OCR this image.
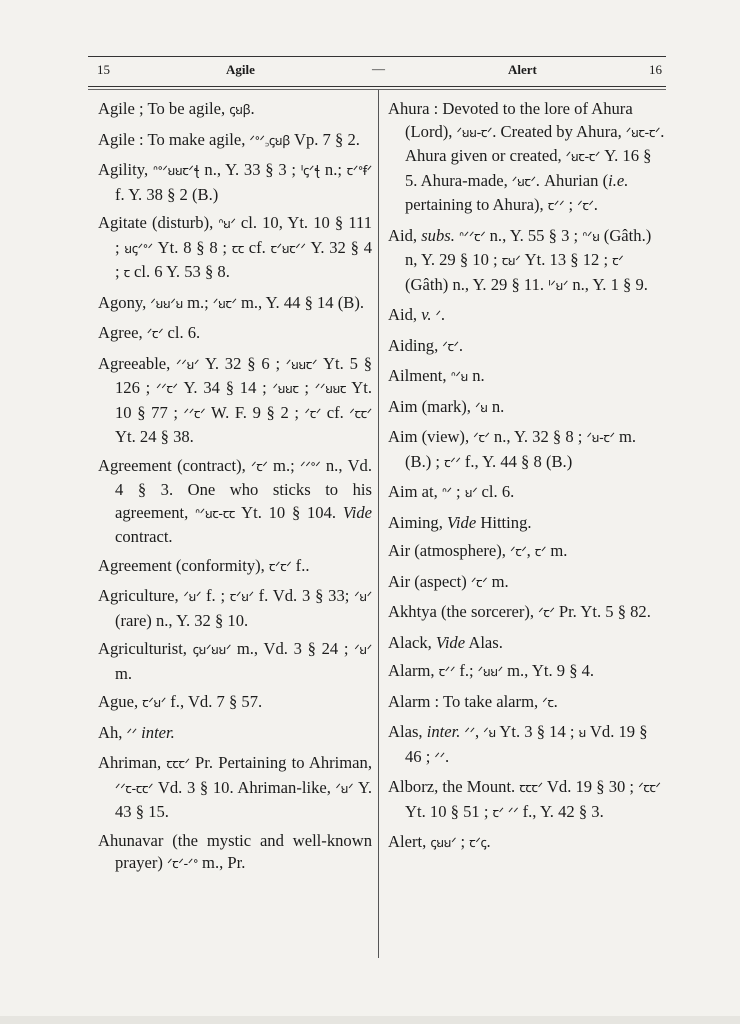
15	Agile	—	Alert	16
Agile ; To be agile, ꞔꞟꞵ.
Agile : To make agile, ᐟᐤᐟ꜆ꞔꞟꞵ Vp. 7 § 2.
Agility, ᐢᐤᐟꞟꞟꞇᐟꞎ n., Y. 33 § 3 ; ᑊꞔᐟꞎ n.; ꞇᐟᐤꞙᐟ f. Y. 38 § 2 (B.)
Agitate (disturb), ᐢꞟᐟ cl. 10, Yt. 10 § 111 ; ꞟꞔᐟᐤᐟ Yt. 8 § 8 ; ꞇꞇ cf. ꞇᐟꞟꞇᐟᐟ Y. 32 § 4 ; ꞇ cl. 6 Y. 53 § 8.
Agony, ᐟꞟꞟᐟꞟ m.; ᐟꞟꞇᐟ m., Y. 44 § 14 (B).
Agree, ᐟꞇᐟ cl. 6.
Agreeable, ᐟᐟꞟᐟ Y. 32 § 6 ; ᐟꞟꞟꞇᐟ Yt. 5 § 126 ; ᐟᐟꞇᐟ Y. 34 § 14 ; ᐟꞟꞟꞇ ; ᐟᐟꞟꞟꞇ Yt. 10 § 77 ; ᐟᐟꞇᐟ W. F. 9 § 2 ; ᐟꞇᐟ cf. ᐟꞇꞇᐟ Yt. 24 § 38.
Agreement (contract), ᐟꞇᐟ m.; ᐟᐟᐤᐟ n., Vd. 4 § 3. One who sticks to his agreement, ᐢᐟꞟꞇ-ꞇꞇ Yt. 10 § 104. Vide contract.
Agreement (conformity), ꞇᐟꞇᐟ f..
Agriculture, ᐟꞟᐟ f. ; ꞇᐟꞟᐟ f. Vd. 3 § 33; ᐟꞟᐟ (rare) n., Y. 32 § 10.
Agriculturist, ꞔꞟᐟꞟꞟᐟ m., Vd. 3 § 24 ; ᐟꞟᐟ m.
Ague, ꞇᐟꞟᐟ f., Vd. 7 § 57.
Ah, ᐟᐟ inter.
Ahriman, ꞇꞇꞇᐟ Pr. Pertaining to Ahriman, ᐟᐟꞇ-ꞇꞇᐟ Vd. 3 § 10. Ahriman-like, ᐟꞟᐟ Y. 43 § 15.
Ahunavar (the mystic and well-known prayer) ᐟꞇᐟ-ᐟᐤ m., Pr.
Ahura : Devoted to the lore of Ahura (Lord), ᐟꞟꞟ-ꞇᐟ. Created by Ahura, ᐟꞟꞇ-ꞇᐟ. Ahura given or created, ᐟꞟꞇ-ꞇᐟ Y. 16 § 5. Ahura-made, ᐟꞟꞇᐟ. Ahurian (i.e. pertaining to Ahura), ꞇᐟᐟ ; ᐟꞇᐟ.
Aid, subs. ᐢᐟᐟꞇᐟ n., Y. 55 § 3 ; ᐢᐟꞟ (Gâth.) n, Y. 29 § 10 ; ꞇꞟᐟ Yt. 13 § 12 ; ꞇᐟ (Gâth) n., Y. 29 § 11. ᑊᐟꞟᐟ n., Y. 1 § 9.
Aid, v. ᐟ.
Aiding, ᐟꞇᐟ.
Ailment, ᐢᐟꞟ n.
Aim (mark), ᐟꞟ n.
Aim (view), ᐟꞇᐟ n., Y. 32 § 8 ; ᐟꞟ-ꞇᐟ m. (B.) ; ꞇᐟᐟ f., Y. 44 § 8 (B.)
Aim at, ᐢᐟ ; ꞟᐟ cl. 6.
Aiming, Vide Hitting.
Air (atmosphere), ᐟꞇᐟ, ꞇᐟ m.
Air (aspect) ᐟꞇᐟ m.
Akhtya (the sorcerer), ᐟꞇᐟ Pr. Yt. 5 § 82.
Alack, Vide Alas.
Alarm, ꞇᐟᐟ f.; ᐟꞟꞟᐟ m., Yt. 9 § 4.
Alarm : To take alarm, ᐟꞇ.
Alas, inter. ᐟᐟ, ᐟꞟ Yt. 3 § 14 ; ꞟ Vd. 19 § 46 ; ᐟᐟ.
Alborz, the Mount. ꞇꞇꞇᐟ Vd. 19 § 30 ; ᐟꞇꞇᐟ Yt. 10 § 51 ; ꞇᐟ ᐟᐟ f., Y. 42 § 3.
Alert, ꞔꞟꞟᐟ ; ꞇᐟꞔ.
